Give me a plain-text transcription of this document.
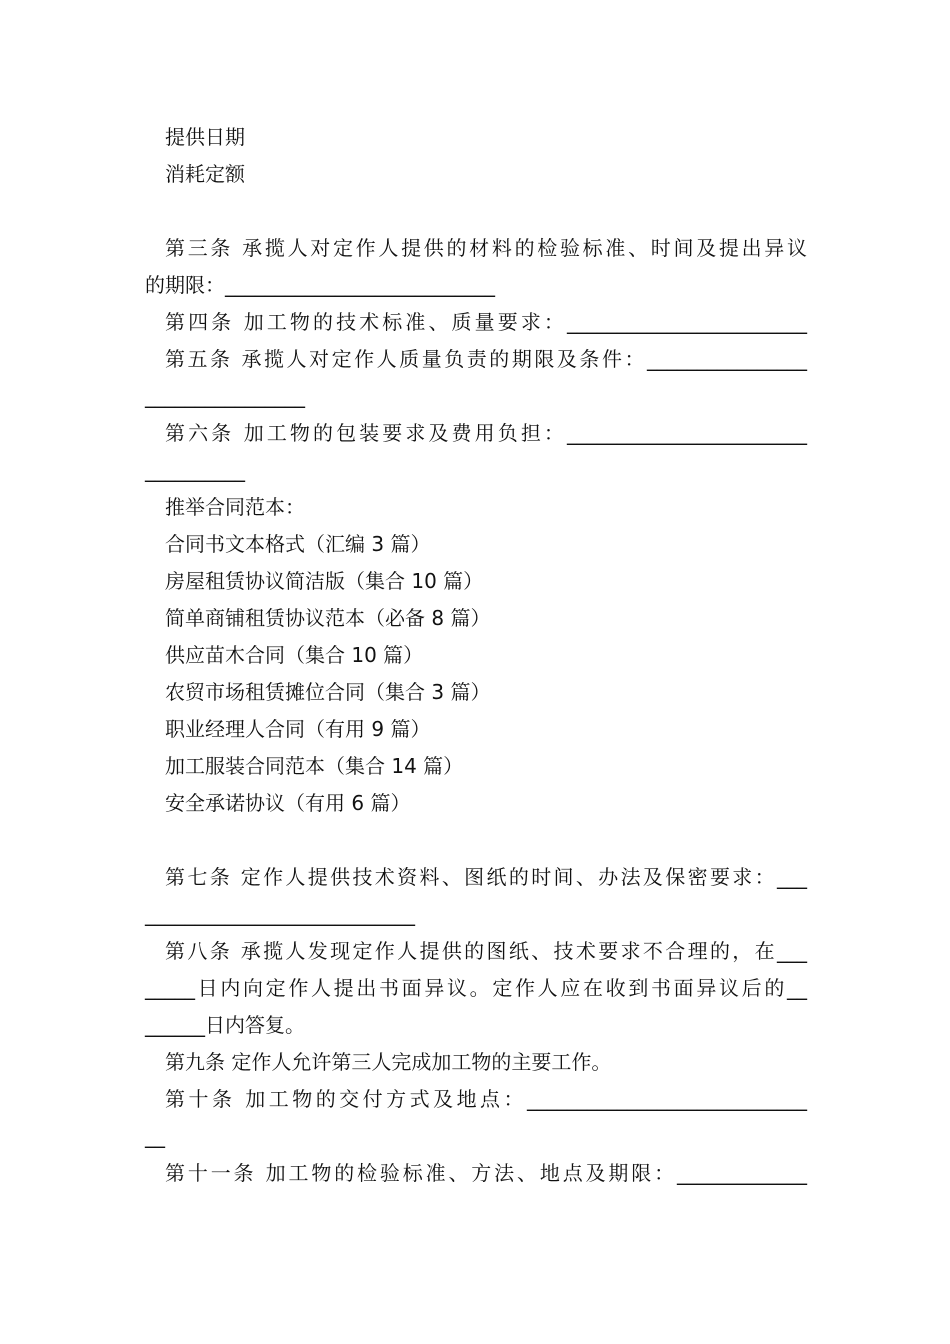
提供日期
消耗定额
第三条 承揽人对定作人提供的材料的检验标准、时间及提出异议
的期限：___________________________
第四条 加工物的技术标准、质量要求：________________________
第五条 承揽人对定作人质量负责的期限及条件：________________
________________
第六条 加工物的包装要求及费用负担：________________________
__________
推举合同范本：
合同书文本格式（汇编 3 篇）
房屋租赁协议简洁版（集合 10 篇）
简单商铺租赁协议范本（必备 8 篇）
供应苗木合同（集合 10 篇）
农贸市场租赁摊位合同（集合 3 篇）
职业经理人合同（有用 9 篇）
加工服装合同范本（集合 14 篇）
安全承诺协议（有用 6 篇）
第七条 定作人提供技术资料、图纸的时间、办法及保密要求：___
___________________________
第八条 承揽人发现定作人提供的图纸、技术要求不合理的，在___
_____日内向定作人提出书面异议。定作人应在收到书面异议后的__
______日内答复。
第九条 定作人允许第三人完成加工物的主要工作。
第十条 加工物的交付方式及地点：____________________________
__
第十一条 加工物的检验标准、方法、地点及期限：_____________
